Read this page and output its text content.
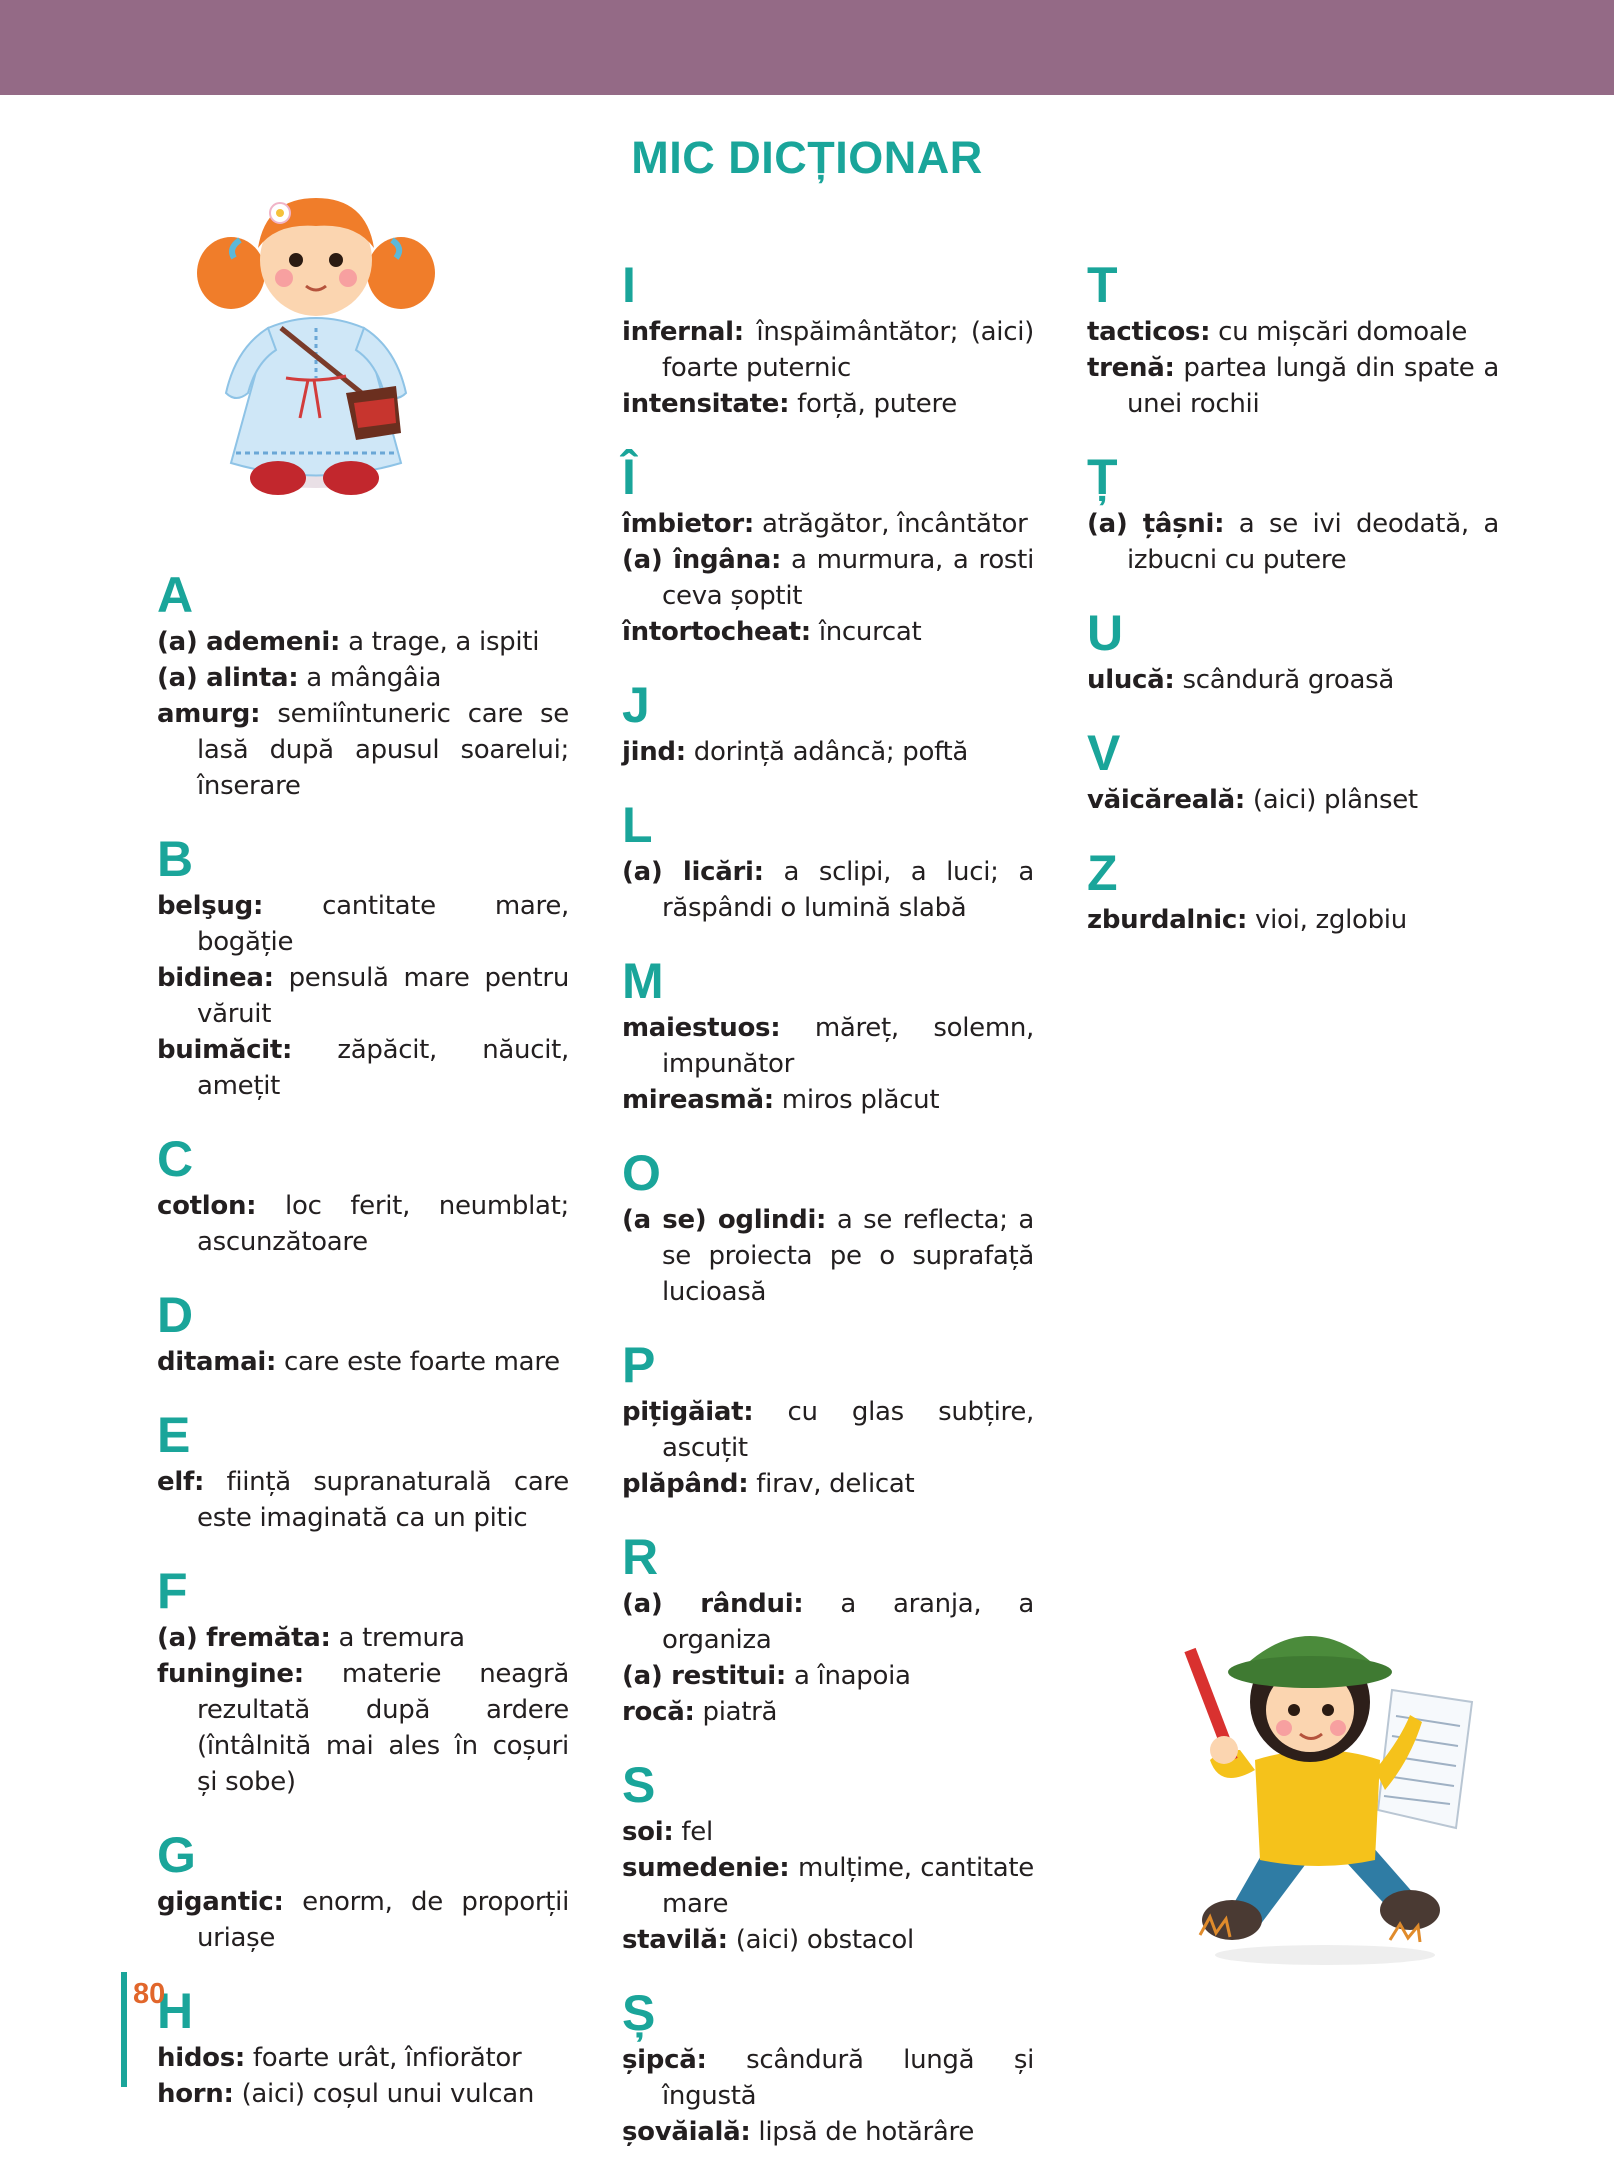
MIC DICȚIONAR
A
(a) ademeni: a trage, a ispiti
(a) alinta: a mângâia
amurg: semiîntuneric care se lasă după apusul soarelui; înserare
B
belşug: cantitate mare, bogăție
bidinea: pensulă mare pentru văruit
buimăcit: zăpăcit, năucit, amețit
C
cotlon: loc ferit, neumblat; ascunzătoare
D
ditamai: care este foarte mare
E
elf: ființă supranaturală care este imaginată ca un pitic
F
(a) fremăta: a tremura
funingine: materie neagră rezultată după ardere (întâlnită mai ales în coșuri și sobe)
G
gigantic: enorm, de proporții uriașe
H
hidos: foarte urât, înfiorător
horn: (aici) coșul unui vulcan
I
infernal: înspăimântător; (aici) foarte puternic
intensitate: forță, putere
Î
îmbietor: atrăgător, încântător
(a) îngâna: a murmura, a rosti ceva șoptit
întortocheat: încurcat
J
jind: dorință adâncă; poftă
L
(a) licări: a sclipi, a luci; a răspândi o lumină slabă
M
maiestuos: măreț, solemn, impunător
mireasmă: miros plăcut
O
(a se) oglindi: a se reflecta; a se proiecta pe o suprafață lucioasă
P
pițigăiat: cu glas subțire, ascuțit
plăpând: firav, delicat
R
(a) rândui: a aranja, a organiza
(a) restitui: a înapoia
rocă: piatră
S
soi: fel
sumedenie: mulțime, cantitate mare
stavilă: (aici) obstacol
Ș
șipcă: scândură lungă și îngustă
șovăială: lipsă de hotărâre
T
tacticos: cu mișcări domoale
trenă: partea lungă din spate a unei rochii
Ț
(a) țâșni: a se ivi deodată, a izbucni cu putere
U
ulucă: scândură groasă
V
văicăreală: (aici) plânset
Z
zburdalnic: vioi, zglobiu
80
